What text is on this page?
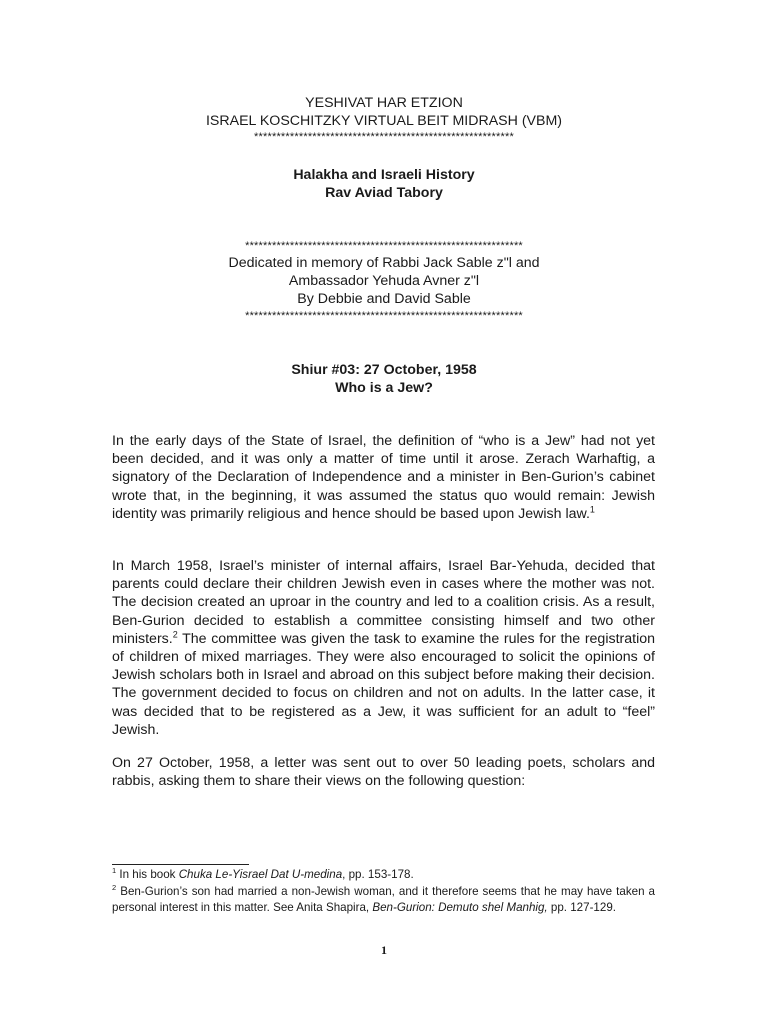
YESHIVAT HAR ETZION
ISRAEL KOSCHITZKY VIRTUAL BEIT MIDRASH (VBM)
**********************************************************
Halakha and Israeli History
Rav Aviad Tabory
**************************************************************
Dedicated in memory of Rabbi Jack Sable z"l and
Ambassador Yehuda Avner z"l
By Debbie and David Sable
**************************************************************
Shiur #03: 27 October, 1958
Who is a Jew?
In the early days of the State of Israel, the definition of “who is a Jew” had not yet been decided, and it was only a matter of time until it arose. Zerach Warhaftig, a signatory of the Declaration of Independence and a minister in Ben-Gurion’s cabinet wrote that, in the beginning, it was assumed the status quo would remain: Jewish identity was primarily religious and hence should be based upon Jewish law.$^1$
In March 1958, Israel’s minister of internal affairs, Israel Bar-Yehuda, decided that parents could declare their children Jewish even in cases where the mother was not. The decision created an uproar in the country and led to a coalition crisis. As a result, Ben-Gurion decided to establish a committee consisting himself and two other ministers.$^2$ The committee was given the task to examine the rules for the registration of children of mixed marriages. They were also encouraged to solicit the opinions of Jewish scholars both in Israel and abroad on this subject before making their decision. The government decided to focus on children and not on adults. In the latter case, it was decided that to be registered as a Jew, it was sufficient for an adult to “feel” Jewish.
On 27 October, 1958, a letter was sent out to over 50 leading poets, scholars and rabbis, asking them to share their views on the following question:
$^1$ In his book Chuka Le-Yisrael Dat U-medina, pp. 153-178.
$^2$ Ben-Gurion’s son had married a non-Jewish woman, and it therefore seems that he may have taken a personal interest in this matter. See Anita Shapira, Ben-Gurion: Demuto shel Manhig, pp. 127-129.
1
